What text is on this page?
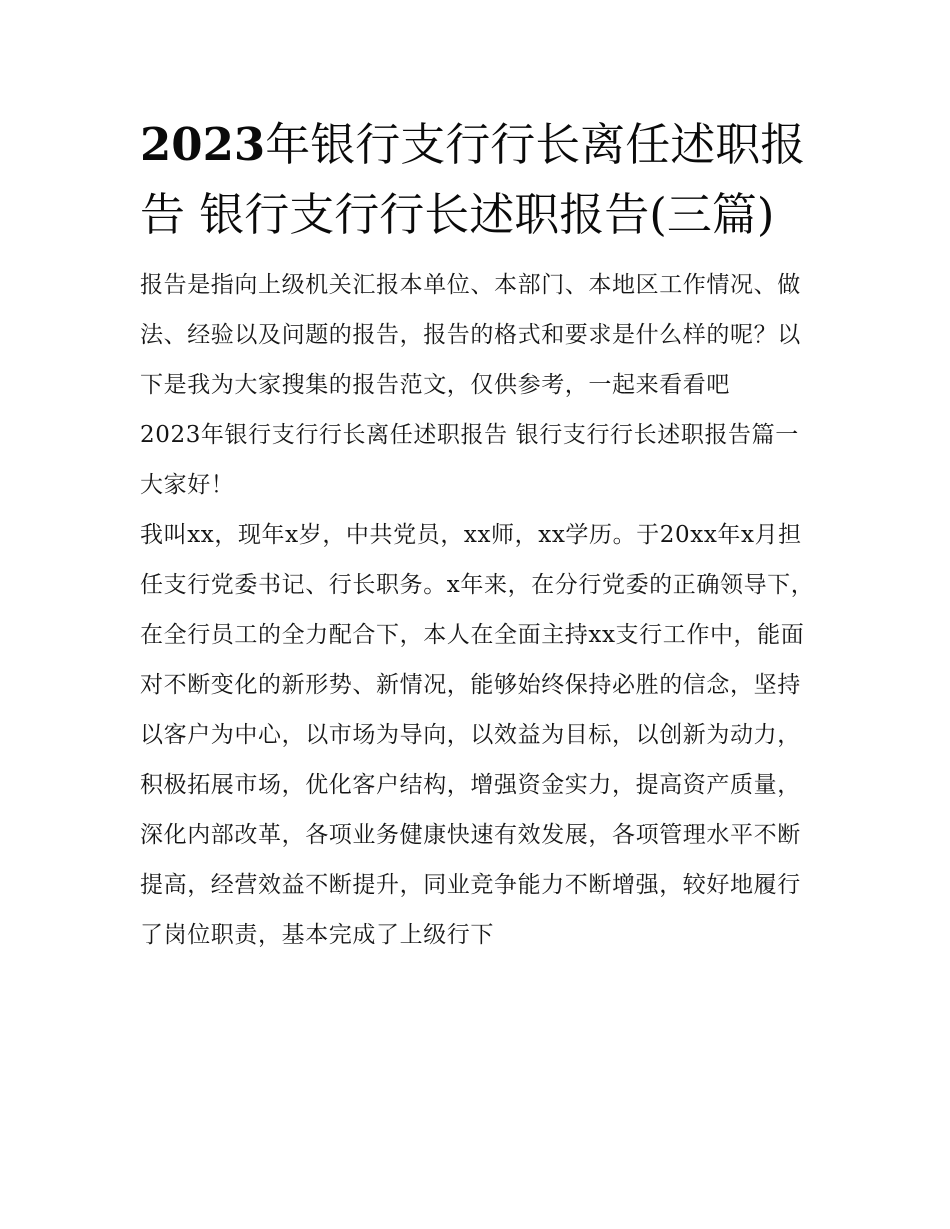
2023年银行支行行长离任述职报告 银行支行行长述职报告(三篇)

报告是指向上级机关汇报本单位、本部门、本地区工作情况、做法、经验以及问题的报告，报告的格式和要求是什么样的呢？以下是我为大家搜集的报告范文，仅供参考，一起来看看吧

2023年银行支行行长离任述职报告 银行支行行长述职报告篇一 大家好！

我叫xx，现年x岁，中共党员，xx师，xx学历。于20xx年x月担任支行党委书记、行长职务。x年来，在分行党委的正确领导下，在全行员工的全力配合下，本人在全面主持xx支行工作中，能面对不断变化的新形势、新情况，能够始终保持必胜的信念，坚持以客户为中心，以市场为导向，以效益为目标，以创新为动力，积极拓展市场，优化客户结构，增强资金实力，提高资产质量，深化内部改革，各项业务健康快速有效发展，各项管理水平不断提高，经营效益不断提升，同业竞争能力不断增强，较好地履行了岗位职责，基本完成了上级行下
